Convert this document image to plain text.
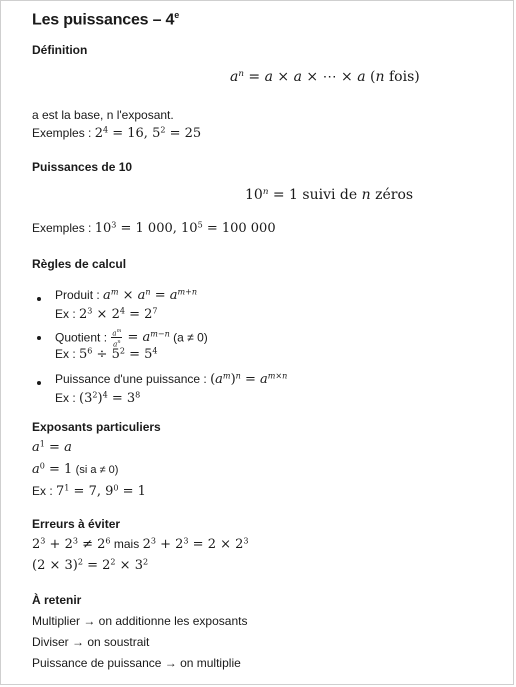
Les puissances – 4e
Définition
$a^n = a \times a$ × ⋯ × a (n fois)
a est la base, n l'exposant.
Exemples : $2^4 = 16$, $5^2 = 25$
Puissances de 10
$10^n = 1$ suivi de n zéros
Exemples : $10^3 = 1$ 000, $10^5 = 100$ 000
Règles de calcul
Produit : $a^m \times a^n = a^{m+n}$
Ex : $2^3 \times 2^4 = 2^7$
Quotient : $\frac{a^m}{a^n} = a^{m-n}$ (a ≠ 0)
Ex : $5^6 \div 5^2 = 5^4$
Puissance d'une puissance : $(a^m)^n = a^{m\times n}$
Ex : $(3^2)^4 = 3^8$
Exposants particuliers
$a^1 = a$
$a^0 = 1$ (si a ≠ 0)
Ex : $7^1 = 7$, $9^0 = 1$
Erreurs à éviter
$2^3 + 2^3 \ne 2^6$ mais $2^3 + 2^3 = 2 \times 2^3$
$(2 \times 3)^2 = 2^2 \times 3^2$
À retenir
Multiplier → on additionne les exposants
Diviser → on soustrait
Puissance de puissance → on multiplie
